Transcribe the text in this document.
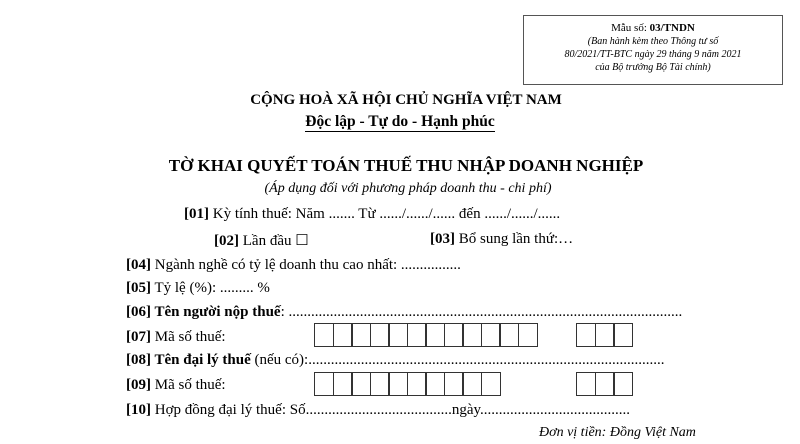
Mẫu số: 03/TNDN
(Ban hành kèm theo Thông tư số
80/2021/TT-BTC ngày 29 tháng 9 năm 2021
của Bộ trưởng Bộ Tài chính)
CỘNG HOÀ XÃ HỘI CHỦ NGHĨA VIỆT NAM
Độc lập - Tự do - Hạnh phúc
TỜ KHAI QUYẾT TOÁN THUẾ THU NHẬP DOANH NGHIỆP
(Áp dụng đối với phương pháp doanh thu - chi phí)
[01] Kỳ tính thuế: Năm ....... Từ ....../....../...... đến ....../....../......
[02] Lần đầu ☐	[03] Bổ sung lần thứ:…
[04] Ngành nghề có tỷ lệ doanh thu cao nhất: ................
[05] Tỷ lệ (%): ......... %
[06] Tên người nộp thuế: .........................................................................................................
[07] Mã số thuế:
[08] Tên đại lý thuế (nếu có):...............................................................................................
[09] Mã số thuế:
[10] Hợp đồng đại lý thuế: Số.......................................ngày........................................
Đơn vị tiền: Đồng Việt Nam
